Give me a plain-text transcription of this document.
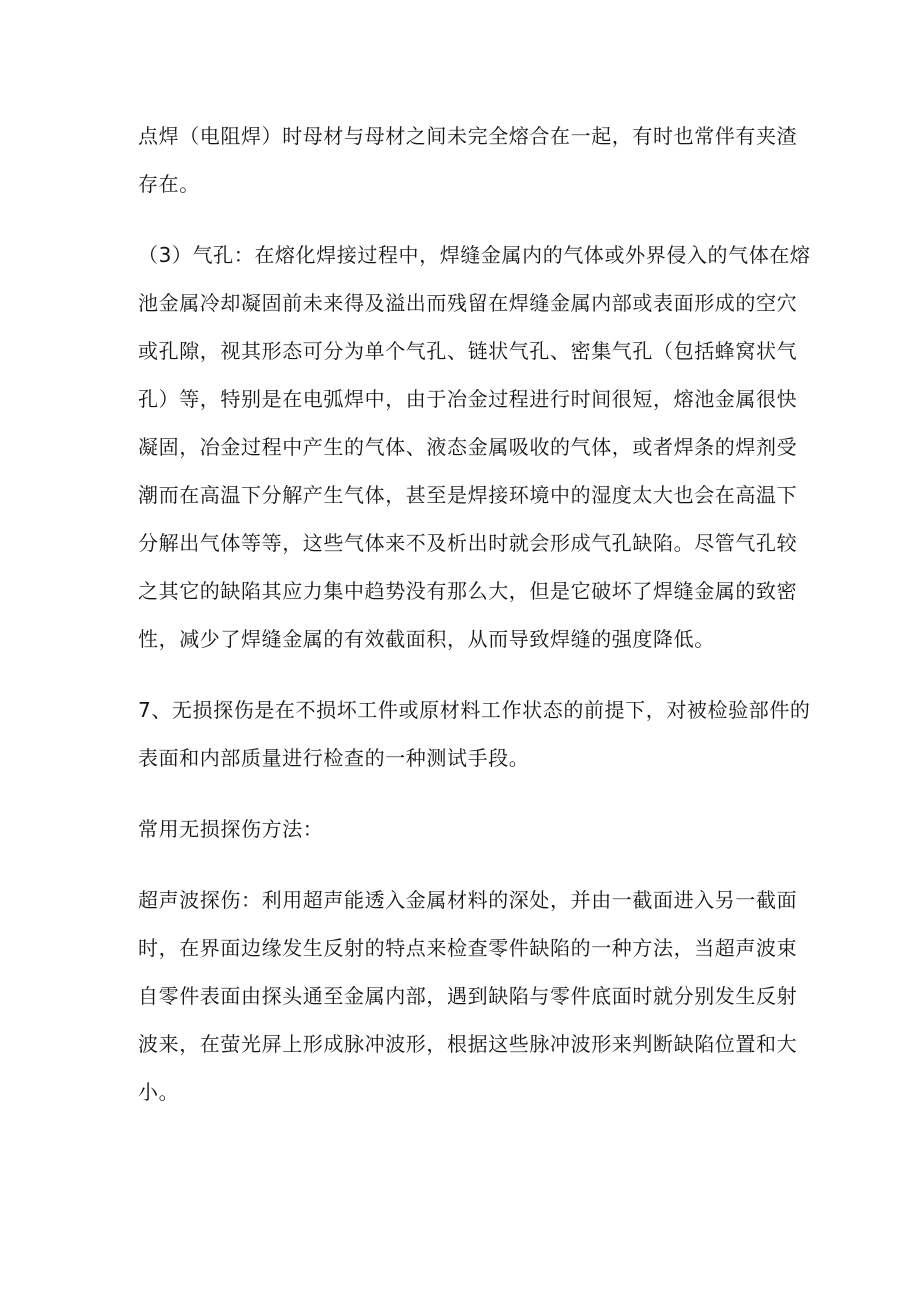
点焊（电阻焊）时母材与母材之间未完全熔合在一起，有时也常伴有夹渣
存在。
（3）气孔：在熔化焊接过程中，焊缝金属内的气体或外界侵入的气体在熔
池金属冷却凝固前未来得及溢出而残留在焊缝金属内部或表面形成的空穴
或孔隙，视其形态可分为单个气孔、链状气孔、密集气孔（包括蜂窝状气
孔）等，特别是在电弧焊中，由于冶金过程进行时间很短，熔池金属很快
凝固，冶金过程中产生的气体、液态金属吸收的气体，或者焊条的焊剂受
潮而在高温下分解产生气体，甚至是焊接环境中的湿度太大也会在高温下
分解出气体等等，这些气体来不及析出时就会形成气孔缺陷。尽管气孔较
之其它的缺陷其应力集中趋势没有那么大，但是它破坏了焊缝金属的致密
性，减少了焊缝金属的有效截面积，从而导致焊缝的强度降低。
7、无损探伤是在不损坏工件或原材料工作状态的前提下，对被检验部件的
表面和内部质量进行检查的一种测试手段。
常用无损探伤方法：
超声波探伤：利用超声能透入金属材料的深处，并由一截面进入另一截面
时，在界面边缘发生反射的特点来检查零件缺陷的一种方法，当超声波束
自零件表面由探头通至金属内部，遇到缺陷与零件底面时就分别发生反射
波来，在萤光屏上形成脉冲波形，根据这些脉冲波形来判断缺陷位置和大
小。
